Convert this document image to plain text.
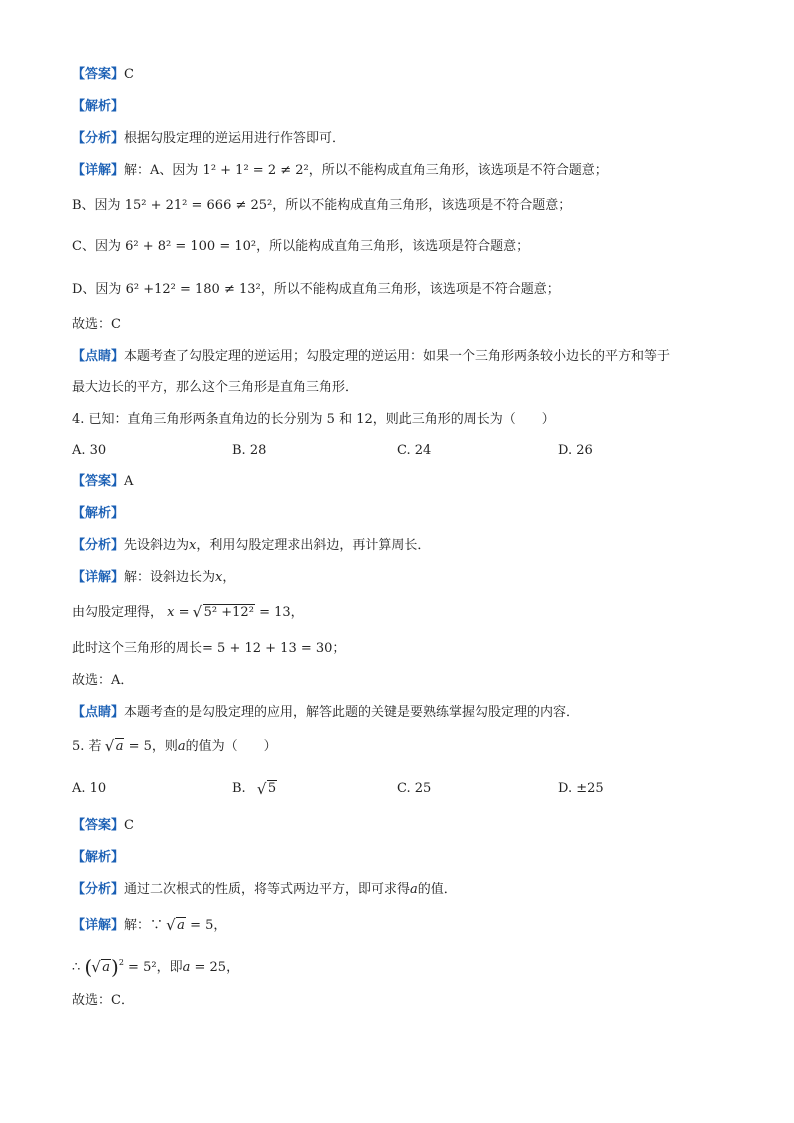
【答案】C
【解析】
【分析】根据勾股定理的逆运用进行作答即可．
【详解】解：A、因为 1² + 1² = 2 ≠ 2²，所以不能构成直角三角形，该选项是不符合题意；
B、因为 15² + 21² = 666 ≠ 25²，所以不能构成直角三角形，该选项是不符合题意；
C、因为 6² + 8² = 100 = 10²，所以能构成直角三角形，该选项是符合题意；
D、因为 6² +12² = 180 ≠ 13²，所以不能构成直角三角形，该选项是不符合题意；
故选：C
【点睛】本题考查了勾股定理的逆运用；勾股定理的逆运用：如果一个三角形两条较小边长的平方和等于
最大边长的平方，那么这个三角形是直角三角形．
4. 已知：直角三角形两条直角边的长分别为 5 和 12，则此三角形的周长为（　　）
A. 30	B. 28	C. 24	D. 26
【答案】A
【解析】
【分析】先设斜边为x，利用勾股定理求出斜边，再计算周长．
【详解】解：设斜边长为x，
由勾股定理得， x = √ 5² +12² = 13，
此时这个三角形的周长= 5 + 12 + 13 = 30；
故选：A．
【点睛】本题考查的是勾股定理的应用，解答此题的关键是要熟练掌握勾股定理的内容．
5. 若 √ a = 5，则a的值为（　　）
A. 10	B. √ 5	C. 25	D. ±25
【答案】C
【解析】
【分析】通过二次根式的性质，将等式两边平方，即可求得a的值．
【详解】解：∵ √ a = 5，
∴ ( √ a)$^2$ = 5²，即a = 25，
故选：C．
